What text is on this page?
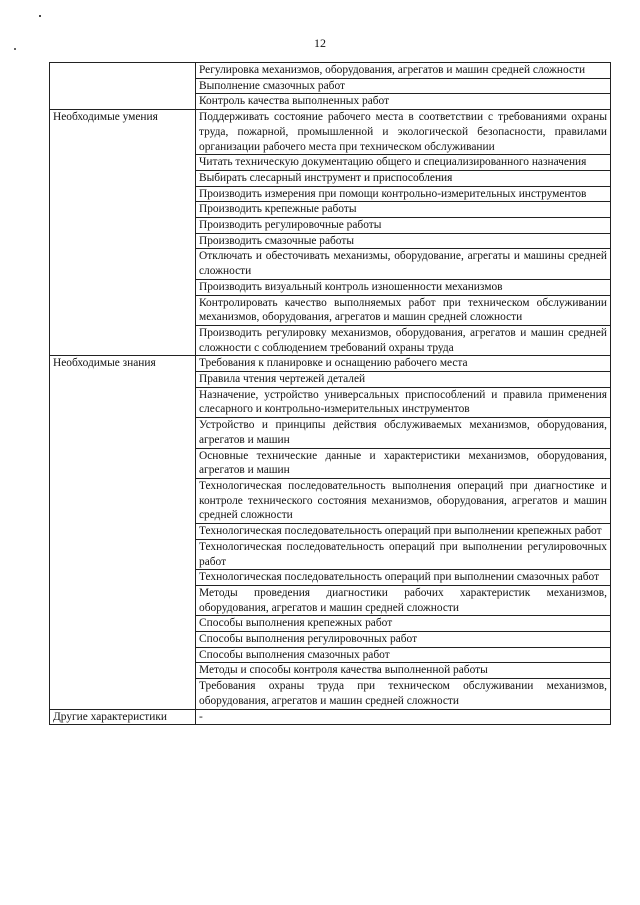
12
	Регулировка механизмов, оборудования, агрегатов и машин средней сложности
	Выполнение смазочных работ
	Контроль качества выполненных работ
Необходимые умения	Поддерживать состояние рабочего места в соответствии с требованиями охраны труда, пожарной, промышленной и экологической безопасности, правилами организации рабочего места при техническом обслуживании
	Читать техническую документацию общего и специализированного назначения
	Выбирать слесарный инструмент и приспособления
	Производить измерения при помощи контрольно-измерительных инструментов
	Производить крепежные работы
	Производить регулировочные работы
	Производить смазочные работы
	Отключать и обесточивать механизмы, оборудование, агрегаты и машины средней сложности
	Производить визуальный контроль изношенности механизмов
	Контролировать качество выполняемых работ при техническом обслуживании механизмов, оборудования, агрегатов и машин средней сложности
	Производить регулировку механизмов, оборудования, агрегатов и машин средней сложности с соблюдением требований охраны труда
Необходимые знания	Требования к планировке и оснащению рабочего места
	Правила чтения чертежей деталей
	Назначение, устройство универсальных приспособлений и правила применения слесарного и контрольно-измерительных инструментов
	Устройство и принципы действия обслуживаемых механизмов, оборудования, агрегатов и машин
	Основные технические данные и характеристики механизмов, оборудования, агрегатов и машин
	Технологическая последовательность выполнения операций при диагностике и контроле технического состояния механизмов, оборудования, агрегатов и машин средней сложности
	Технологическая последовательность операций при выполнении крепежных работ
	Технологическая последовательность операций при выполнении регулировочных работ
	Технологическая последовательность операций при выполнении смазочных работ
	Методы проведения диагностики рабочих характеристик механизмов, оборудования, агрегатов и машин средней сложности
	Способы выполнения крепежных работ
	Способы выполнения регулировочных работ
	Способы выполнения смазочных работ
	Методы и способы контроля качества выполненной работы
	Требования охраны труда при техническом обслуживании механизмов, оборудования, агрегатов и машин средней сложности
Другие характеристики	-
